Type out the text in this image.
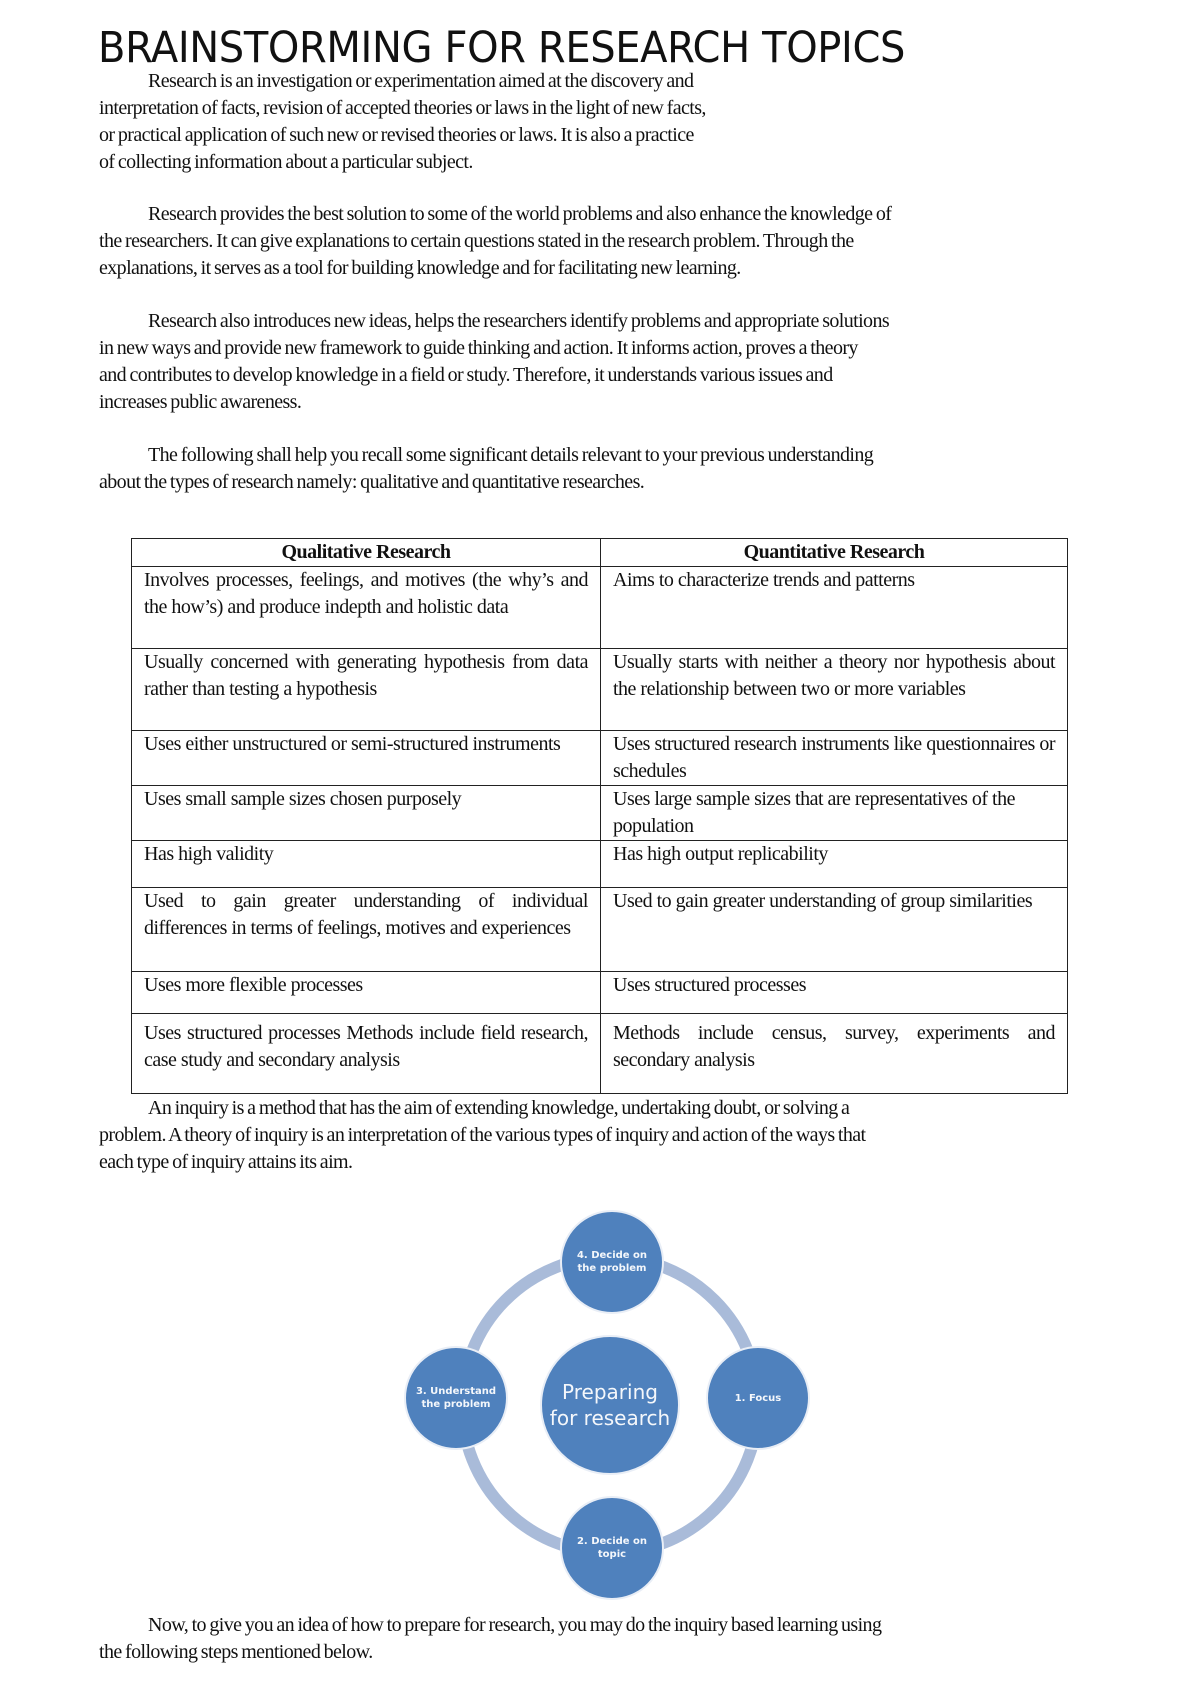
BRAINSTORMING FOR RESEARCH TOPICS
Research is an investigation or experimentation aimed at the discovery and
interpretation of facts, revision of accepted theories or laws in the light of new facts,
or practical application of such new or revised theories or laws. It is also a practice
of collecting information about a particular subject.
Research provides the best solution to some of the world problems and also enhance the knowledge of
the researchers. It can give explanations to certain questions stated in the research problem. Through the
explanations, it serves as a tool for building knowledge and for facilitating new learning.
Research also introduces new ideas, helps the researchers identify problems and appropriate solutions
in new ways and provide new framework to guide thinking and action. It informs action, proves a theory
and contributes to develop knowledge in a field or study. Therefore, it understands various issues and
increases public awareness.
The following shall help you recall some significant details relevant to your previous understanding
about the types of research namely: qualitative and quantitative researches.
Qualitative Research	Quantitative Research
Involves processes, feelings, and motives (the why’s and the how’s) and produce indepth and holistic data	Aims to characterize trends and patterns
Usually concerned with generating hypothesis from data rather than testing a hypothesis	Usually starts with neither a theory nor hypothesis about the relationship between two or more variables
Uses either unstructured or semi-structured instruments	Uses structured research instruments like questionnaires or schedules
Uses small sample sizes chosen purposely	Uses large sample sizes that are representatives of the population
Has high validity	Has high output replicability
Used to gain greater understanding of individual differences in terms of feelings, motives and experiences	Used to gain greater understanding of group similarities
Uses more flexible processes	Uses structured processes
Uses structured processes Methods include field research, case study and secondary analysis	Methods include census, survey, experiments and secondary analysis
An inquiry is a method that has the aim of extending knowledge, undertaking doubt, or solving a
problem. A theory of inquiry is an interpretation of the various types of inquiry and action of the ways that
each type of inquiry attains its aim.
Preparing for research
4. Decide on the problem
1. Focus
2. Decide on topic
3. Understand the problem
Now, to give you an idea of how to prepare for research, you may do the inquiry based learning using
the following steps mentioned below.
